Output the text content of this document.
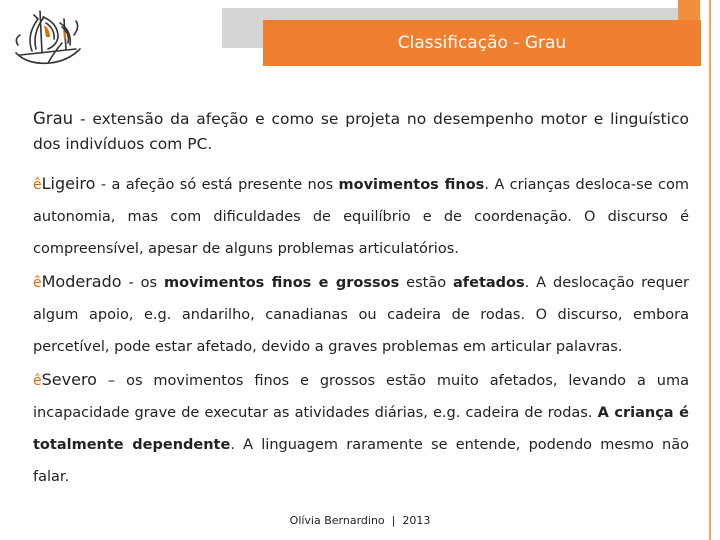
Classificação - Grau

Grau - extensão da afeção e como se projeta no desempenho motor e linguístico dos indivíduos com PC.

êLigeiro - a afeção só está presente nos movimentos finos. A crianças desloca-se com autonomia, mas com dificuldades de equilíbrio e de coordenação. O discurso é compreensível, apesar de alguns problemas articulatórios.

êModerado - os movimentos finos e grossos estão afetados. A deslocação requer algum apoio, e.g. andarilho, canadianas ou cadeira de rodas. O discurso, embora percetível, pode estar afetado, devido a graves problemas em articular palavras.

êSevero – os movimentos finos e grossos estão muito afetados, levando a uma incapacidade grave de executar as atividades diárias, e.g. cadeira de rodas. A criança é totalmente dependente. A linguagem raramente se entende, podendo mesmo não falar.

Olívia Bernardino  |  2013
